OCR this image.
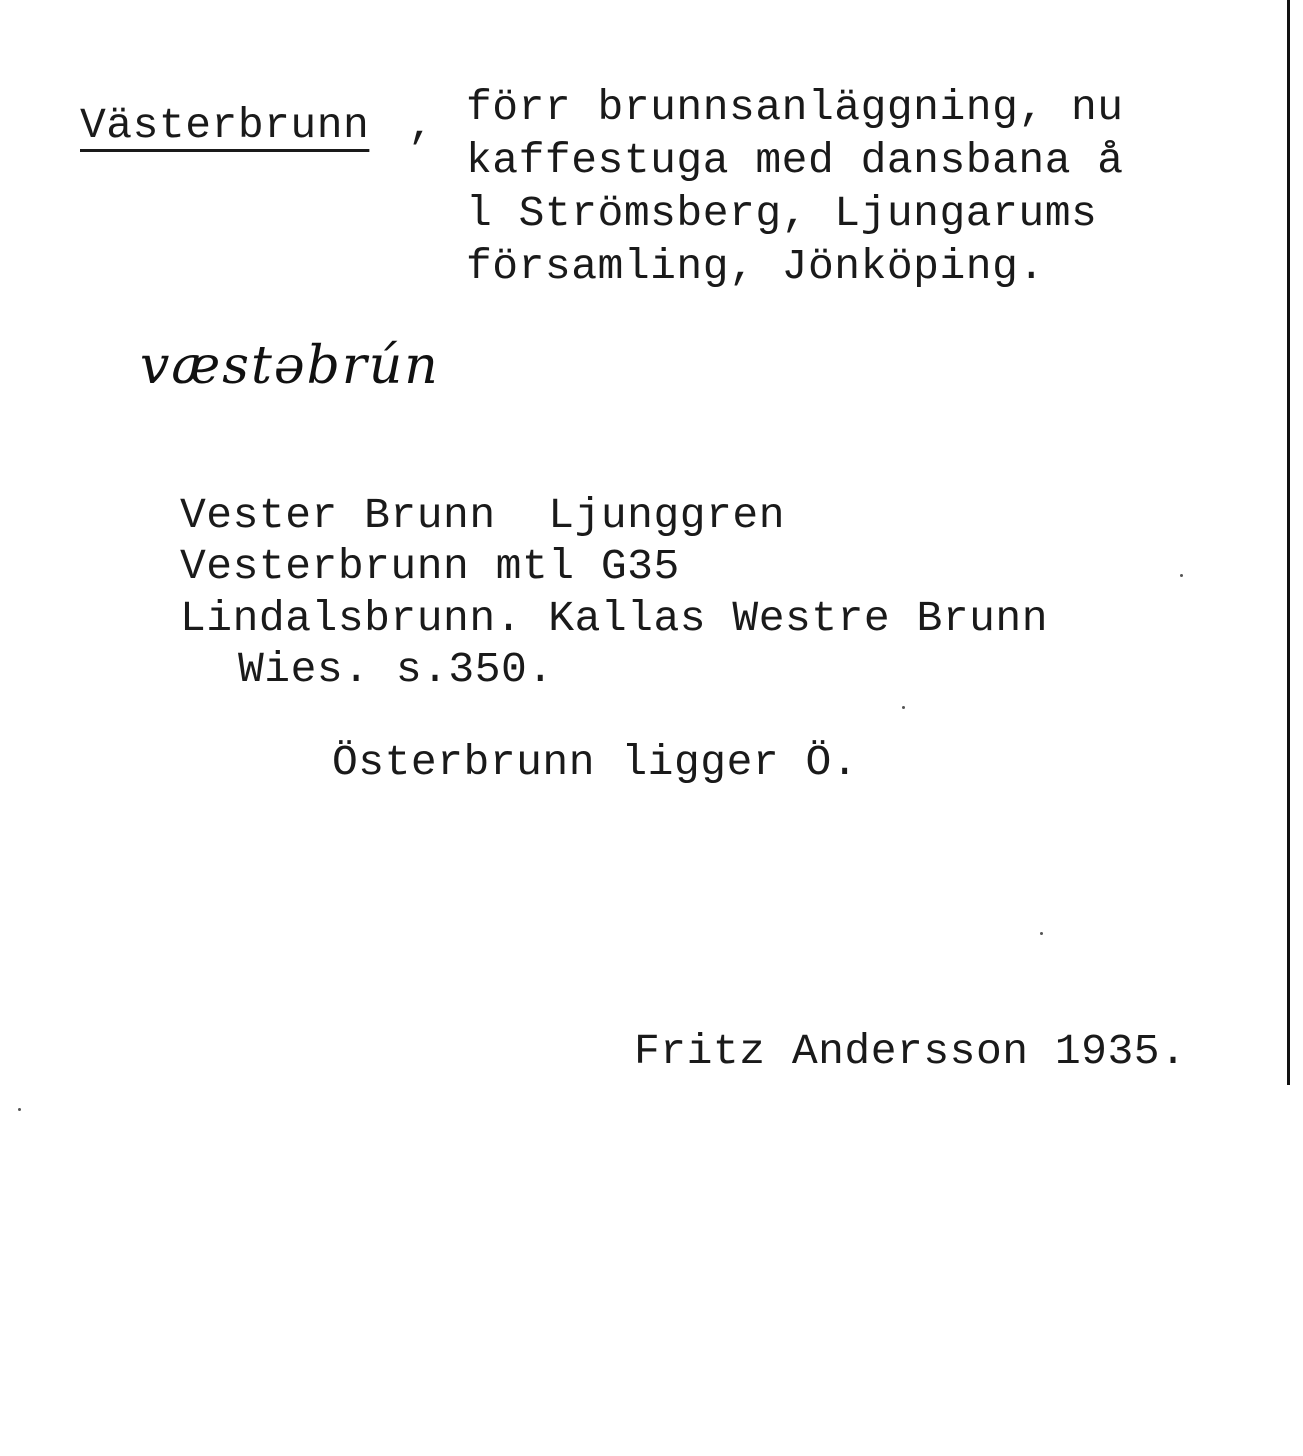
Västerbrunn , förr brunnsanläggning, nu
kaffestuga med dansbana å
l Strömsberg, Ljungarums
församling, Jönköping.
vӕstəbrún
Vester Brunn  Ljunggren
Vesterbrunn mtl G35
Lindalsbrunn. Kallas Westre Brunn
Wies. s.350.
Österbrunn ligger Ö.
Fritz Andersson 1935.
